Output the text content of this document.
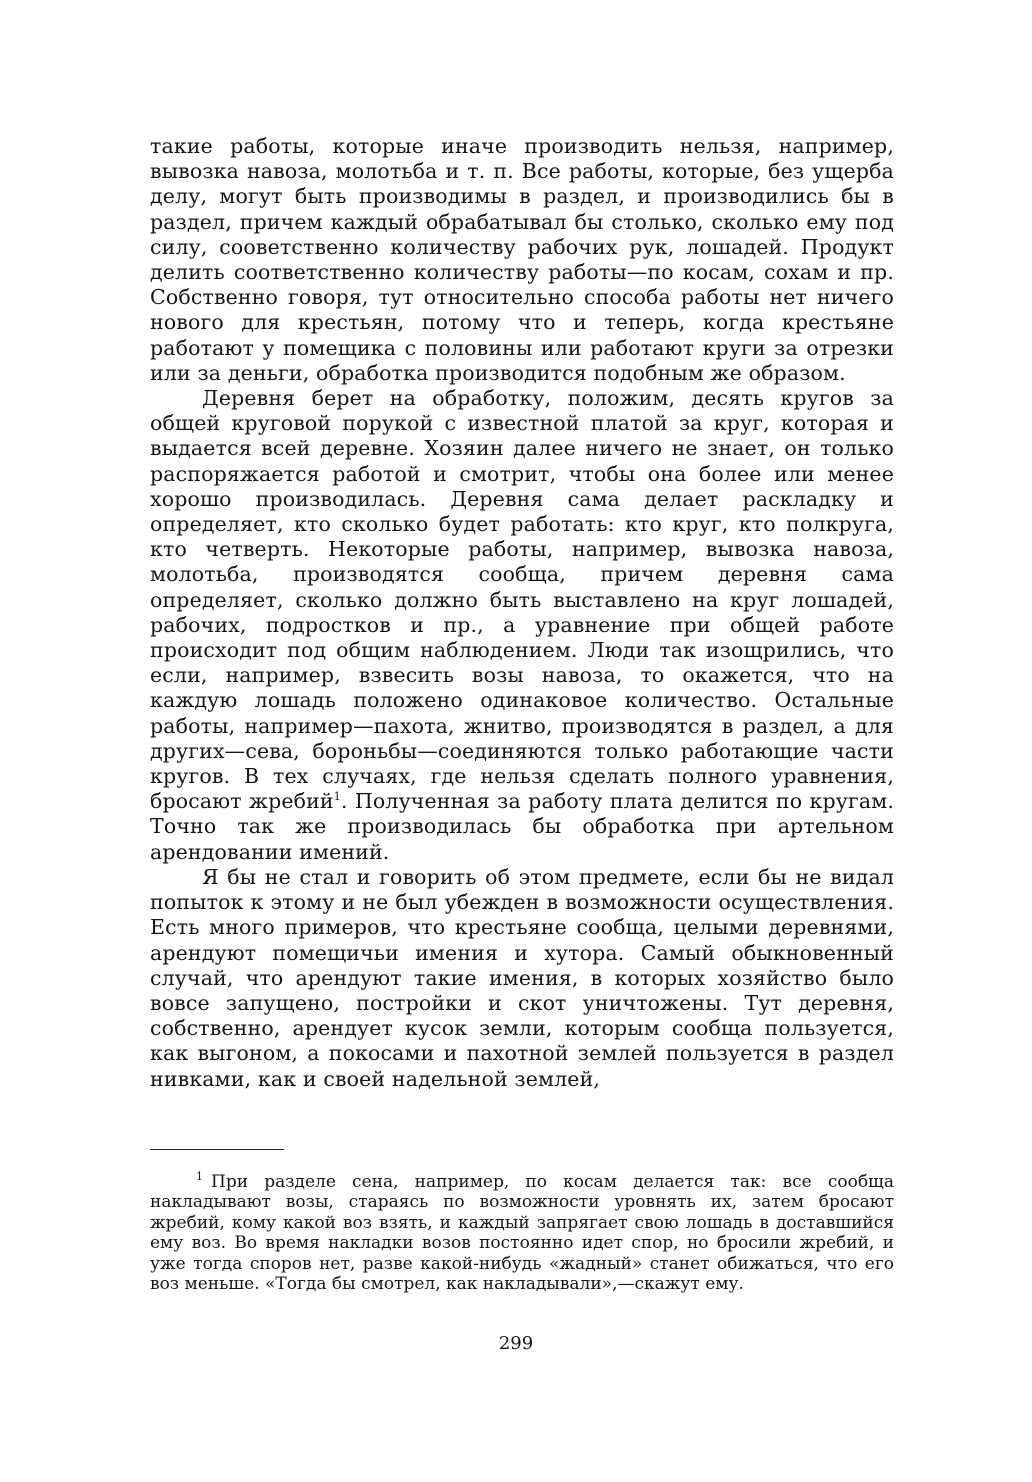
такие работы, которые иначе производить нельзя, например, вывозка навоза, молотьба и т. п. Все работы, которые, без ущерба делу, могут быть производимы в раздел, и производились бы в раздел, причем каждый обрабатывал бы столько, сколько ему под силу, сооветственно количеству рабочих рук, лошадей. Продукт делить соответственно количеству работы—по косам, сохам и пр. Собственно говоря, тут относительно способа работы нет ничего нового для крестьян, потому что и теперь, когда крестьяне работают у помещика с половины или работают круги за отрезки или за деньги, обработка производится подобным же образом.

Деревня берет на обработку, положим, десять кругов за общей круговой порукой с известной платой за круг, которая и выдается всей деревне. Хозяин далее ничего не знает, он только распоряжается работой и смотрит, чтобы она более или менее хорошо производилась. Деревня сама делает раскладку и определяет, кто сколько будет работать: кто круг, кто полкруга, кто четверть. Некоторые работы, например, вывозка навоза, молотьба, производятся сообща, причем деревня сама определяет, сколько должно быть выставлено на круг лошадей, рабочих, подростков и пр., а уравнение при общей работе происходит под общим наблюдением. Люди так изощрились, что если, например, взвесить возы навоза, то окажется, что на каждую лошадь положено одинаковое количество. Остальные работы, например—пахота, жнитво, производятся в раздел, а для других—сева, бороньбы—соединяются только работающие части кругов. В тех случаях, где нельзя сделать полного уравнения, бросают жребий$^1$. Полученная за работу плата делится по кругам. Точно так же производилась бы обработка при артельном арендовании имений.

Я бы не стал и говорить об этом предмете, если бы не видал попыток к этому и не был убежден в возможности осуществления. Есть много примеров, что крестьяне сообща, целыми деревнями, арендуют помещичьи имения и хутора. Самый обыкновенный случай, что арендуют такие имения, в которых хозяйство было вовсе запущено, постройки и скот уничтожены. Тут деревня, собственно, арендует кусок земли, которым сообща пользуется, как выгоном, а покосами и пахотной землей пользуется в раздел нивками, как и своей надельной землей,

$^1$ При разделе сена, например, по косам делается так: все сообща накладывают возы, стараясь по возможности уровнять их, затем бросают жребий, кому какой воз взять, и каждый запрягает свою лошадь в доставшийся ему воз. Во время накладки возов постоянно идет спор, но бросили жребий, и уже тогда споров нет, разве какой-нибудь «жадный» станет обижаться, что его воз меньше. «Тогда бы смотрел, как накладывали»,—скажут ему.

299
